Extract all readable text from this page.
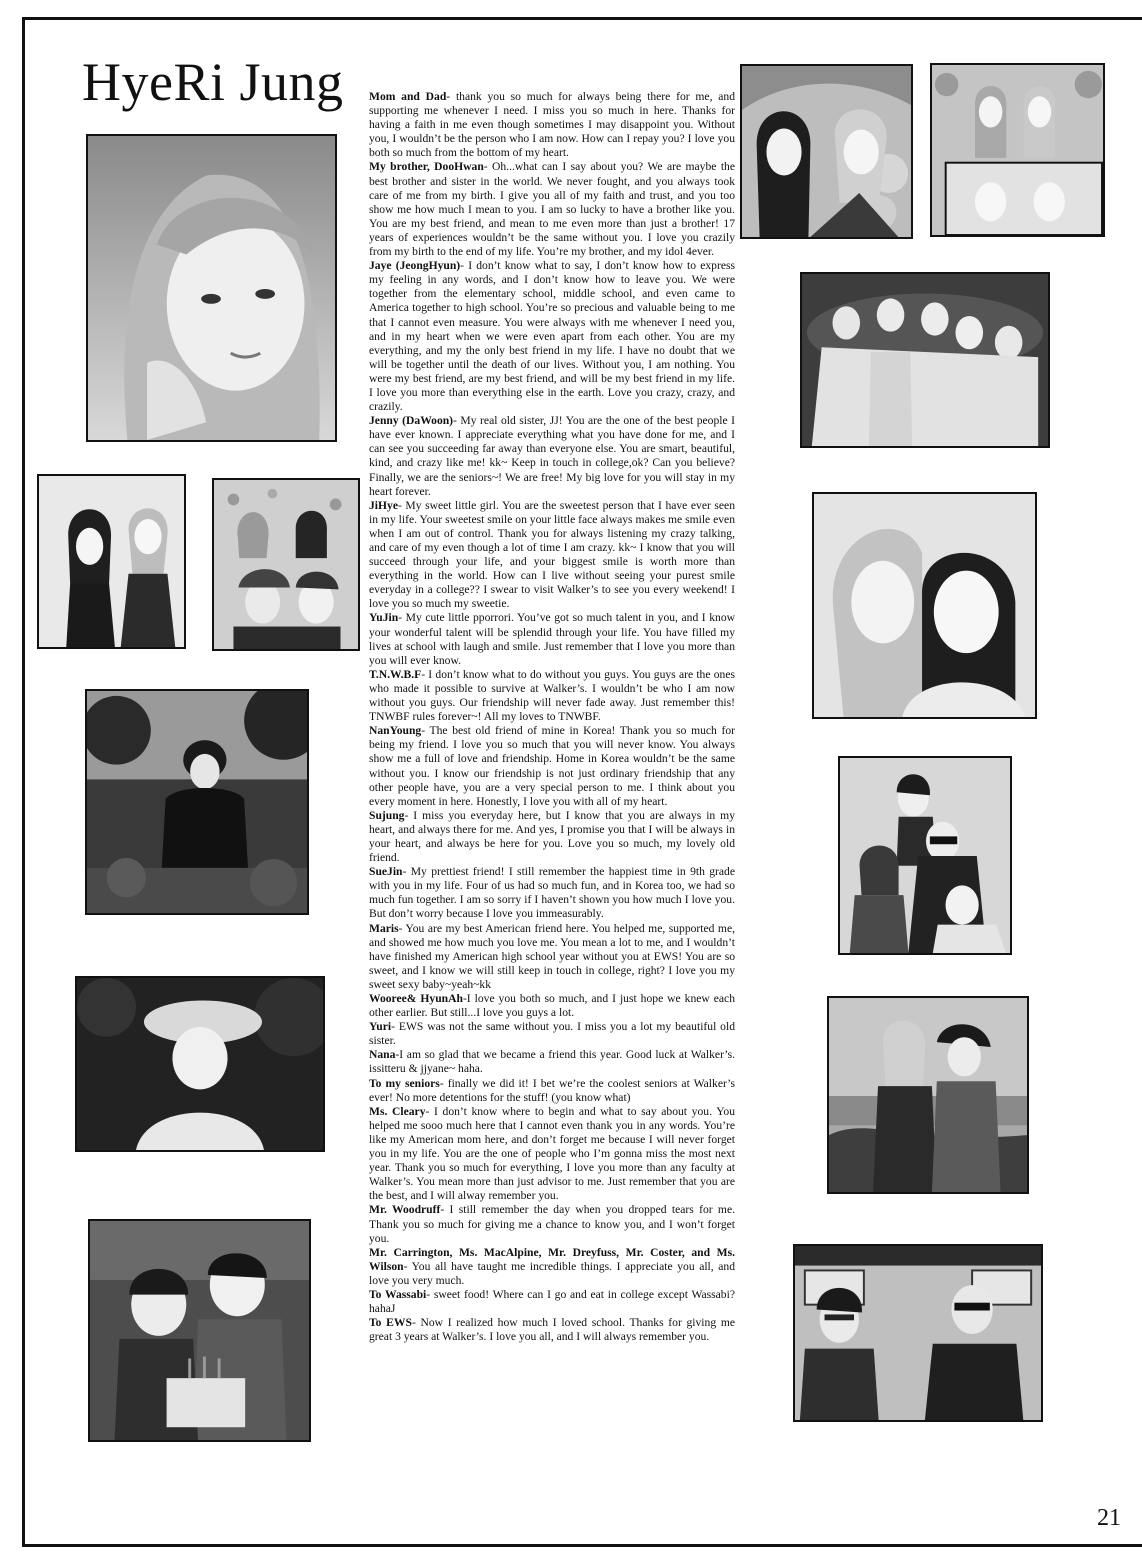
HyeRi Jung Mom and Dad- thank you so much for always being there for me, and supporting me whenever I need. I miss you so much in here. Thanks for having a faith in me even though sometimes I may disappoint you. Without you, I wouldn’t be the person who I am now. How can I repay you? I love you both so much from the bottom of my heart.

My brother, DooHwan- Oh...what can I say about you? We are maybe the best brother and sister in the world. We never fought, and you always took care of me from my birth. I give you all of my faith and trust, and you too show me how much I mean to you. I am so lucky to have a brother like you. You are my best friend, and mean to me even more than just a brother! 17 years of experiences wouldn’t be the same without you. I love you crazily from my birth to the end of my life. You’re my brother, and my idol 4ever.

Jaye (JeongHyun)- I don’t know what to say, I don’t know how to express my feeling in any words, and I don’t know how to leave you. We were together from the elementary school, middle school, and even came to America together to high school. You’re so precious and valuable being to me that I cannot even measure. You were always with me whenever I need you, and in my heart when we were even apart from each other. You are my everything, and my the only best friend in my life. I have no doubt that we will be together until the death of our lives. Without you, I am nothing. You were my best friend, are my best friend, and will be my best friend in my life. I love you more than everything else in the earth. Love you crazy, crazy, and crazily.

Jenny (DaWoon)- My real old sister, JJ! You are the one of the best people I have ever known. I appreciate everything what you have done for me, and I can see you succeeding far away than everyone else. You are smart, beautiful, kind, and crazy like me! kk~ Keep in touch in college,ok? Can you believe? Finally, we are the seniors~! We are free! My big love for you will stay in my heart forever.

JiHye- My sweet little girl. You are the sweetest person that I have ever seen in my life. Your sweetest smile on your little face always makes me smile even when I am out of control. Thank you for always listening my crazy talking, and care of my even though a lot of time I am crazy. kk~ I know that you will succeed through your life, and your biggest smile is worth more than everything in the world. How can I live without seeing your purest smile everyday in a college?? I swear to visit Walker’s to see you every weekend! I love you so much my sweetie.

YuJin- My cute little pporrori. You’ve got so much talent in you, and I know your wonderful talent will be splendid through your life. You have filled my lives at school with laugh and smile. Just remember that I love you more than you will ever know.

T.N.W.B.F- I don’t know what to do without you guys. You guys are the ones who made it possible to survive at Walker’s. I wouldn’t be who I am now without you guys. Our friendship will never fade away. Just remember this! TNWBF rules forever~! All my loves to TNWBF.

NanYoung- The best old friend of mine in Korea! Thank you so much for being my friend. I love you so much that you will never know. You always show me a full of love and friendship. Home in Korea wouldn’t be the same without you. I know our friendship is not just ordinary friendship that any other people have, you are a very special person to me. I think about you every moment in here. Honestly, I love you with all of my heart.

Sujung- I miss you everyday here, but I know that you are always in my heart, and always there for me. And yes, I promise you that I will be always in your heart, and always be here for you. Love you so much, my lovely old friend.

SueJin- My prettiest friend! I still remember the happiest time in 9th grade with you in my life. Four of us had so much fun, and in Korea too, we had so much fun together. I am so sorry if I haven’t shown you how much I love you. But don’t worry because I love you immeasurably.

Maris- You are my best American friend here. You helped me, supported me, and showed me how much you love me. You mean a lot to me, and I wouldn’t have finished my American high school year without you at EWS! You are so sweet, and I know we will still keep in touch in college, right? I love you my sweet sexy baby~yeah~kk

Wooree& HyunAh-I love you both so much, and I just hope we knew each other earlier. But still...I love you guys a lot.

Yuri- EWS was not the same without you. I miss you a lot my beautiful old sister.

Nana-I am so glad that we became a friend this year. Good luck at Walker’s. issitteru & jjyane~ haha.

To my seniors- finally we did it! I bet we’re the coolest seniors at Walker’s ever! No more detentions for the stuff! (you know what)

Ms. Cleary- I don’t know where to begin and what to say about you. You helped me sooo much here that I cannot even thank you in any words. You’re like my American mom here, and don’t forget me because I will never forget you in my life. You are the one of people who I’m gonna miss the most next year. Thank you so much for everything, I love you more than any faculty at Walker’s. You mean more than just advisor to me. Just remember that you are the best, and I will alway remember you.

Mr. Woodruff- I still remember the day when you dropped tears for me. Thank you so much for giving me a chance to know you, and I won’t forget you.

Mr. Carrington, Ms. MacAlpine, Mr. Dreyfuss, Mr. Coster, and Ms. Wilson- You all have taught me incredible things. I appreciate you all, and love you very much.

To Wassabi- sweet food! Where can I go and eat in college except Wassabi? hahaJ

To EWS- Now I realized how much I loved school. Thanks for giving me great 3 years at Walker’s. I love you all, and I will always remember you.

21
